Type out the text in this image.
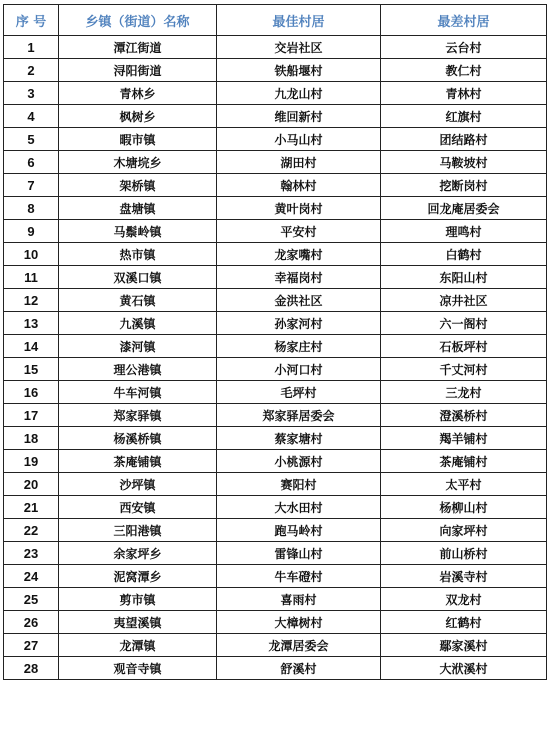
序 号	乡镇（街道）名称	最佳村居	最差村居
1	潭江街道	交岩社区	云台村
2	浔阳街道	铁船堰村	教仁村
3	青林乡	九龙山村	青林村
4	枫树乡	维回新村	红旗村
5	暇市镇	小马山村	团结路村
6	木塘垸乡	湖田村	马鞍坡村
7	架桥镇	翰林村	挖断岗村
8	盘塘镇	黄叶岗村	回龙庵居委会
9	马鬃岭镇	平安村	理鸣村
10	热市镇	龙家嘴村	白鹤村
11	双溪口镇	幸福岗村	东阳山村
12	黄石镇	金洪社区	凉井社区
13	九溪镇	孙家河村	六一阁村
14	漆河镇	杨家庄村	石板坪村
15	理公港镇	小河口村	千丈河村
16	牛车河镇	毛坪村	三龙村
17	郑家驿镇	郑家驿居委会	澄溪桥村
18	杨溪桥镇	蔡家塘村	羯羊铺村
19	茶庵铺镇	小桃源村	茶庵铺村
20	沙坪镇	赛阳村	太平村
21	西安镇	大水田村	杨柳山村
22	三阳港镇	跑马岭村	向家坪村
23	余家坪乡	雷锋山村	前山桥村
24	泥窝潭乡	牛车磴村	岩溪寺村
25	剪市镇	喜雨村	双龙村
26	夷望溪镇	大樟树村	红鹤村
27	龙潭镇	龙潭居委会	鄢家溪村
28	观音寺镇	舒溪村	大洑溪村
